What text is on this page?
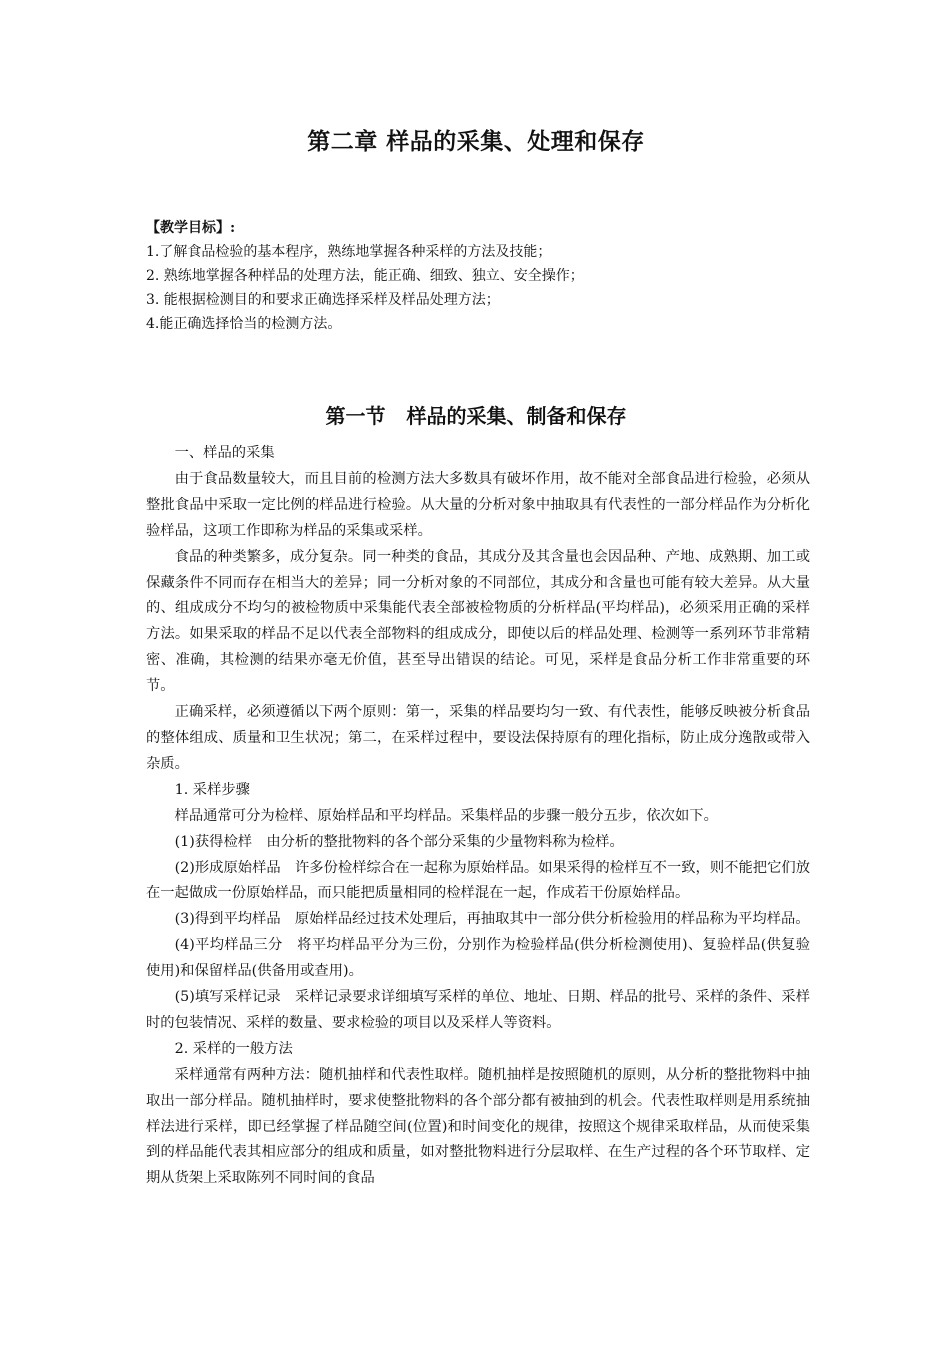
第二章 样品的采集、处理和保存
【教学目标】:
1.了解食品检验的基本程序，熟练地掌握各种采样的方法及技能；
2. 熟练地掌握各种样品的处理方法，能正确、细致、独立、安全操作；
3. 能根据检测目的和要求正确选择采样及样品处理方法；
4.能正确选择恰当的检测方法。
第一节 样品的采集、制备和保存

一、样品的采集

由于食品数量较大，而且目前的检测方法大多数具有破坏作用，故不能对全部食品进行检验，必须从整批食品中采取一定比例的样品进行检验。从大量的分析对象中抽取具有代表性的一部分样品作为分析化验样品，这项工作即称为样品的采集或采样。

食品的种类繁多，成分复杂。同一种类的食品，其成分及其含量也会因品种、产地、成熟期、加工或保藏条件不同而存在相当大的差异；同一分析对象的不同部位，其成分和含量也可能有较大差异。从大量的、组成成分不均匀的被检物质中采集能代表全部被检物质的分析样品(平均样品)，必须采用正确的采样方法。如果采取的样品不足以代表全部物料的组成成分，即使以后的样品处理、检测等一系列环节非常精密、准确，其检测的结果亦毫无价值，甚至导出错误的结论。可见，采样是食品分析工作非常重要的环节。

正确采样，必须遵循以下两个原则：第一，采集的样品要均匀一致、有代表性，能够反映被分析食品的整体组成、质量和卫生状况；第二，在采样过程中，要设法保持原有的理化指标，防止成分逸散或带入杂质。

1. 采样步骤

样品通常可分为检样、原始样品和平均样品。采集样品的步骤一般分五步，依次如下。

(1)获得检样　由分析的整批物料的各个部分采集的少量物料称为检样。

(2)形成原始样品　许多份检样综合在一起称为原始样品。如果采得的检样互不一致，则不能把它们放在一起做成一份原始样品，而只能把质量相同的检样混在一起，作成若干份原始样品。

(3)得到平均样品　原始样品经过技术处理后，再抽取其中一部分供分析检验用的样品称为平均样品。

(4)平均样品三分　将平均样品平分为三份，分别作为检验样品(供分析检测使用)、复验样品(供复验使用)和保留样品(供备用或查用)。

(5)填写采样记录　采样记录要求详细填写采样的单位、地址、日期、样品的批号、采样的条件、采样时的包装情况、采样的数量、要求检验的项目以及采样人等资料。

2. 采样的一般方法

采样通常有两种方法：随机抽样和代表性取样。随机抽样是按照随机的原则，从分析的整批物料中抽取出一部分样品。随机抽样时，要求使整批物料的各个部分都有被抽到的机会。代表性取样则是用系统抽样法进行采样，即已经掌握了样品随空间(位置)和时间变化的规律，按照这个规律采取样品，从而使采集到的样品能代表其相应部分的组成和质量，如对整批物料进行分层取样、在生产过程的各个环节取样、定期从货架上采取陈列不同时间的食品
